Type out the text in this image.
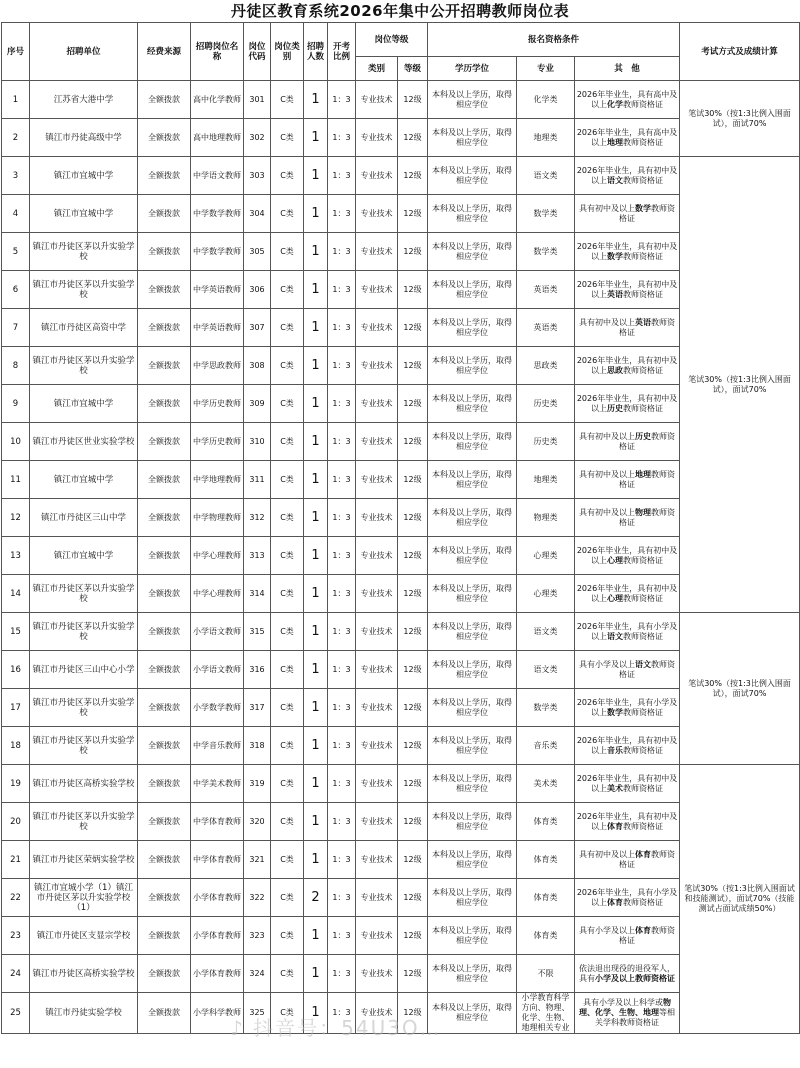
丹徒区教育系统2026年集中公开招聘教师岗位表
序号	招聘单位	经费来源	招聘岗位名称	岗位代码	岗位类别	招聘人数	开考比例	岗位等级		报名资格条件			考试方式及成绩计算
								类别	等级	学历学位	专业	其　他	
1	江苏省大港中学	全额拨款	高中化学教师	301	C类	1	1：3	专业技术	12级	本科及以上学历，取得相应学位	化学类	2026年毕业生，具有高中及以上化学教师资格证	笔试30%（按1:3比例入围面试），面试70%
2	镇江市丹徒高级中学	全额拨款	高中地理教师	302	C类	1	1：3	专业技术	12级	本科及以上学历，取得相应学位	地理类	2026年毕业生，具有高中及以上地理教师资格证	
3	镇江市宜城中学	全额拨款	中学语文教师	303	C类	1	1：3	专业技术	12级	本科及以上学历，取得相应学位	语文类	2026年毕业生，具有初中及以上语文教师资格证	笔试30%（按1:3比例入围面试），面试70%
4	镇江市宜城中学	全额拨款	中学数学教师	304	C类	1	1：3	专业技术	12级	本科及以上学历，取得相应学位	数学类	具有初中及以上数学教师资格证	
5	镇江市丹徒区茅以升实验学校	全额拨款	中学数学教师	305	C类	1	1：3	专业技术	12级	本科及以上学历，取得相应学位	数学类	2026年毕业生，具有初中及以上数学教师资格证	
6	镇江市丹徒区茅以升实验学校	全额拨款	中学英语教师	306	C类	1	1：3	专业技术	12级	本科及以上学历，取得相应学位	英语类	2026年毕业生，具有初中及以上英语教师资格证	
7	镇江市丹徒区高资中学	全额拨款	中学英语教师	307	C类	1	1：3	专业技术	12级	本科及以上学历，取得相应学位	英语类	具有初中及以上英语教师资格证	
8	镇江市丹徒区茅以升实验学校	全额拨款	中学思政教师	308	C类	1	1：3	专业技术	12级	本科及以上学历，取得相应学位	思政类	2026年毕业生，具有初中及以上思政教师资格证	
9	镇江市宜城中学	全额拨款	中学历史教师	309	C类	1	1：3	专业技术	12级	本科及以上学历，取得相应学位	历史类	2026年毕业生，具有初中及以上历史教师资格证	
10	镇江市丹徒区世业实验学校	全额拨款	中学历史教师	310	C类	1	1：3	专业技术	12级	本科及以上学历，取得相应学位	历史类	具有初中及以上历史教师资格证	
11	镇江市宜城中学	全额拨款	中学地理教师	311	C类	1	1：3	专业技术	12级	本科及以上学历，取得相应学位	地理类	具有初中及以上地理教师资格证	
12	镇江市丹徒区三山中学	全额拨款	中学物理教师	312	C类	1	1：3	专业技术	12级	本科及以上学历，取得相应学位	物理类	具有初中及以上物理教师资格证	
13	镇江市宜城中学	全额拨款	中学心理教师	313	C类	1	1：3	专业技术	12级	本科及以上学历，取得相应学位	心理类	2026年毕业生，具有初中及以上心理教师资格证	
14	镇江市丹徒区茅以升实验学校	全额拨款	中学心理教师	314	C类	1	1：3	专业技术	12级	本科及以上学历，取得相应学位	心理类	2026年毕业生，具有初中及以上心理教师资格证	
15	镇江市丹徒区茅以升实验学校	全额拨款	小学语文教师	315	C类	1	1：3	专业技术	12级	本科及以上学历，取得相应学位	语文类	2026年毕业生，具有小学及以上语文教师资格证	笔试30%（按1:3比例入围面试），面试70%
16	镇江市丹徒区三山中心小学	全额拨款	小学语文教师	316	C类	1	1：3	专业技术	12级	本科及以上学历，取得相应学位	语文类	具有小学及以上语文教师资格证	
17	镇江市丹徒区茅以升实验学校	全额拨款	小学数学教师	317	C类	1	1：3	专业技术	12级	本科及以上学历，取得相应学位	数学类	2026年毕业生，具有小学及以上数学教师资格证	
18	镇江市丹徒区茅以升实验学校	全额拨款	中学音乐教师	318	C类	1	1：3	专业技术	12级	本科及以上学历，取得相应学位	音乐类	2026年毕业生，具有初中及以上音乐教师资格证	
19	镇江市丹徒区高桥实验学校	全额拨款	中学美术教师	319	C类	1	1：3	专业技术	12级	本科及以上学历，取得相应学位	美术类	2026年毕业生，具有初中及以上美术教师资格证	笔试30%（按1:3比例入围面试和技能测试），面试70%（技能测试占面试成绩50%）
20	镇江市丹徒区茅以升实验学校	全额拨款	中学体育教师	320	C类	1	1：3	专业技术	12级	本科及以上学历，取得相应学位	体育类	2026年毕业生，具有初中及以上体育教师资格证	
21	镇江市丹徒区荣炳实验学校	全额拨款	中学体育教师	321	C类	1	1：3	专业技术	12级	本科及以上学历，取得相应学位	体育类	具有初中及以上体育教师资格证	
22	镇江市宜城小学（1）镇江市丹徒区茅以升实验学校（1）	全额拨款	小学体育教师	322	C类	2	1：3	专业技术	12级	本科及以上学历，取得相应学位	体育类	2026年毕业生，具有小学及以上体育教师资格证	
23	镇江市丹徒区支显宗学校	全额拨款	小学体育教师	323	C类	1	1：3	专业技术	12级	本科及以上学历，取得相应学位	体育类	具有小学及以上体育教师资格证	
24	镇江市丹徒区高桥实验学校	全额拨款	小学体育教师	324	C类	1	1：3	专业技术	12级	本科及以上学历，取得相应学位	不限	依法退出现役的退役军人，具有小学及以上教师资格证	
25	镇江市丹徒实验学校	全额拨款	小学科学教师	325	C类	1	1：3	专业技术	12级	本科及以上学历，取得相应学位	小学教育科学方向、物理、化学、生物、地理相关专业	具有小学及以上科学或物理、化学、生物、地理等相关学科教师资格证	
♪ 抖音号：54U3O…
